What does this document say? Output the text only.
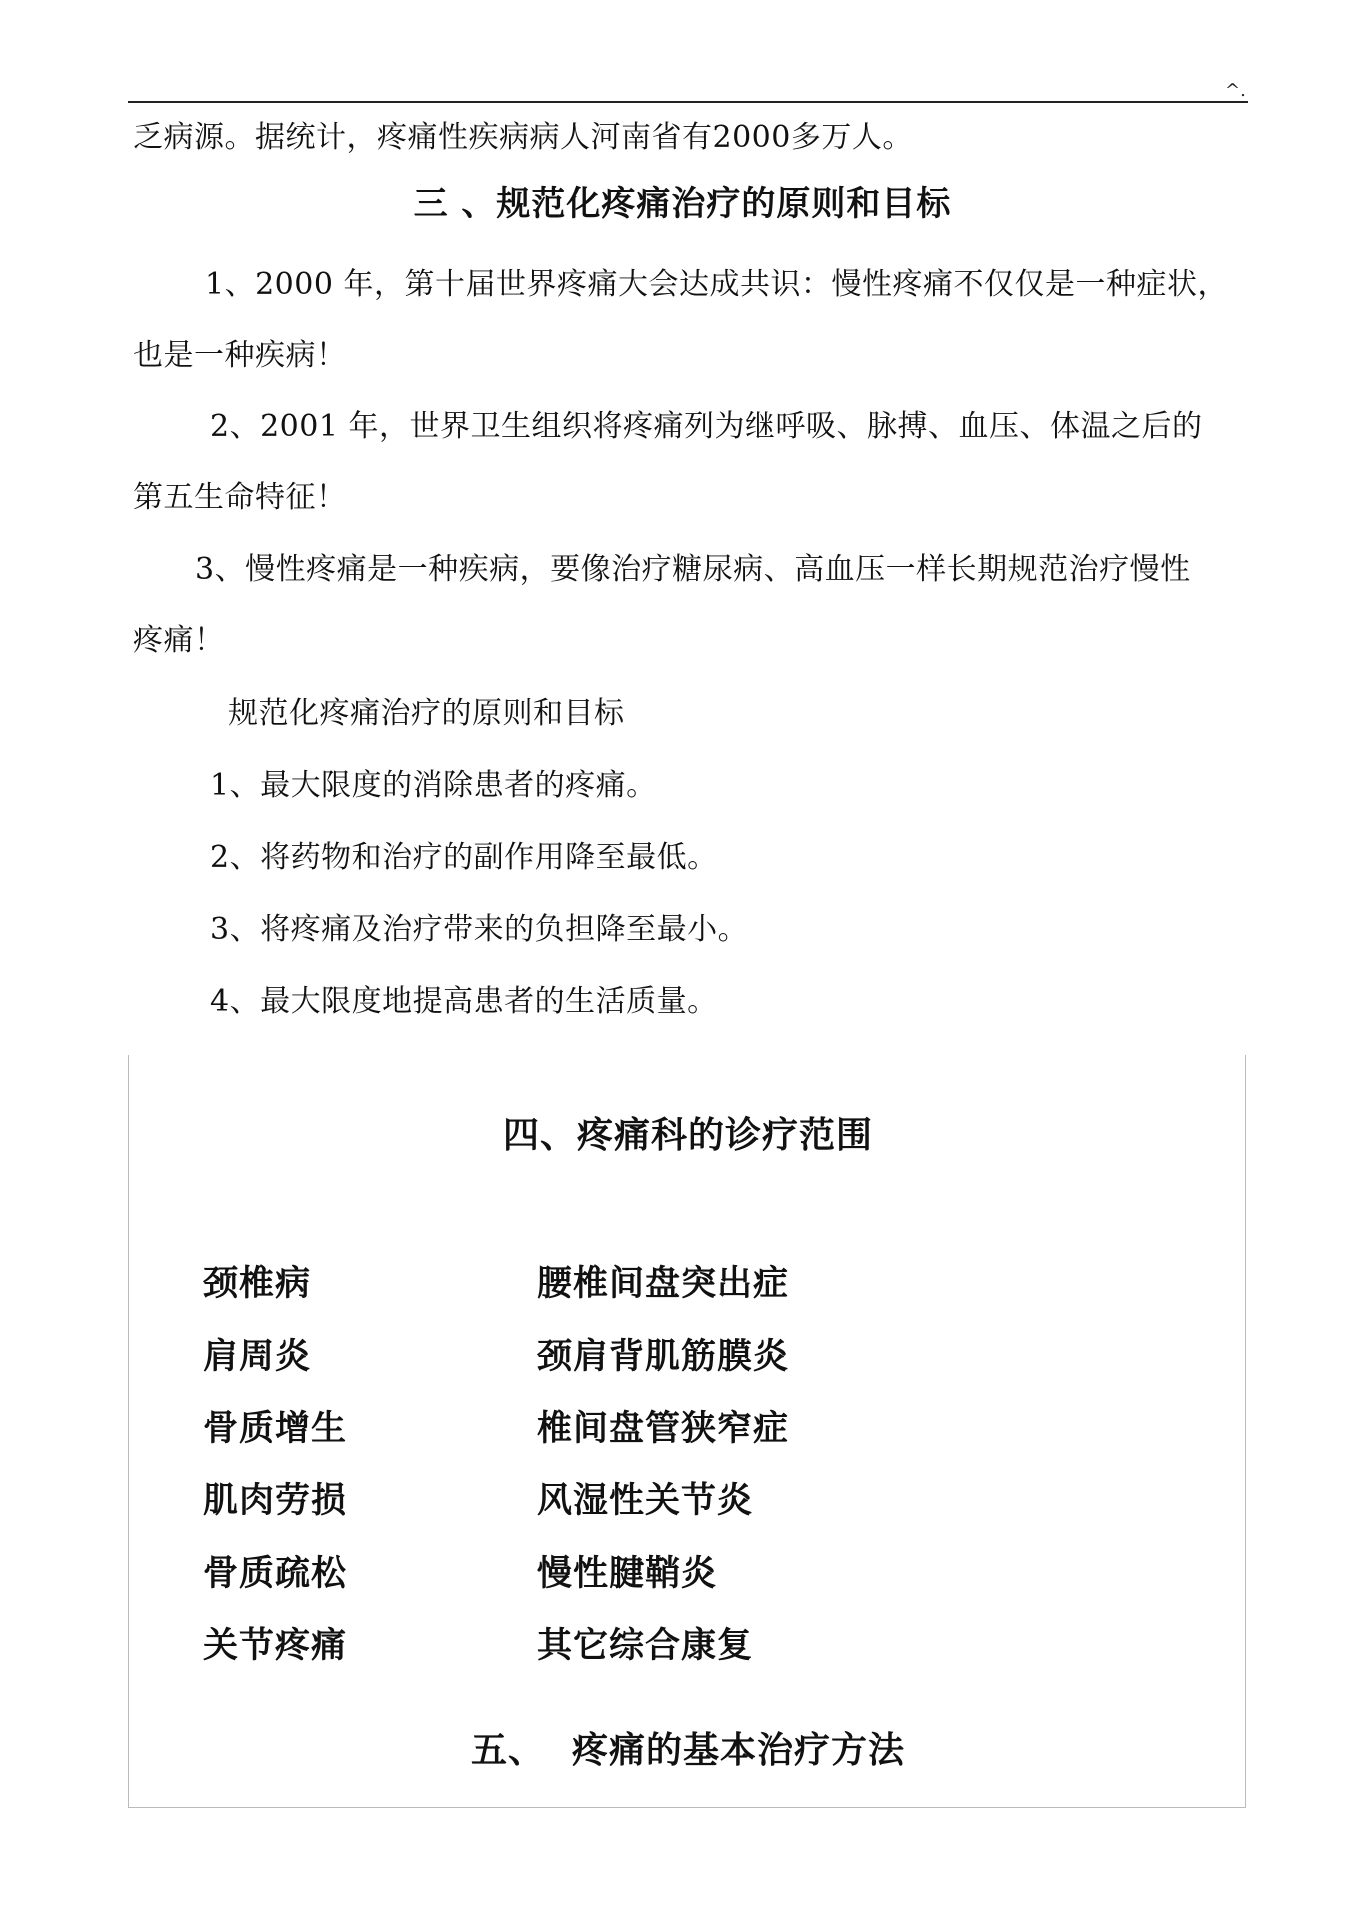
^.
乏病源。据统计，疼痛性疾病病人河南省有2000多万人。
三 、规范化疼痛治疗的原则和目标
1、2000 年，第十届世界疼痛大会达成共识：慢性疼痛不仅仅是一种症状，
也是一种疾病！
2、2001 年，世界卫生组织将疼痛列为继呼吸、脉搏、血压、体温之后的
第五生命特征！
3、慢性疼痛是一种疾病，要像治疗糖尿病、高血压一样长期规范治疗慢性
疼痛！
规范化疼痛治疗的原则和目标
1、最大限度的消除患者的疼痛。
2、将药物和治疗的副作用降至最低。
3、将疼痛及治疗带来的负担降至最小。
4、最大限度地提高患者的生活质量。
四、疼痛科的诊疗范围
颈椎病
肩周炎
骨质增生
肌肉劳损
骨质疏松
关节疼痛
腰椎间盘突出症
颈肩背肌筋膜炎
椎间盘管狭窄症
风湿性关节炎
慢性腱鞘炎
其它综合康复
五、  疼痛的基本治疗方法
